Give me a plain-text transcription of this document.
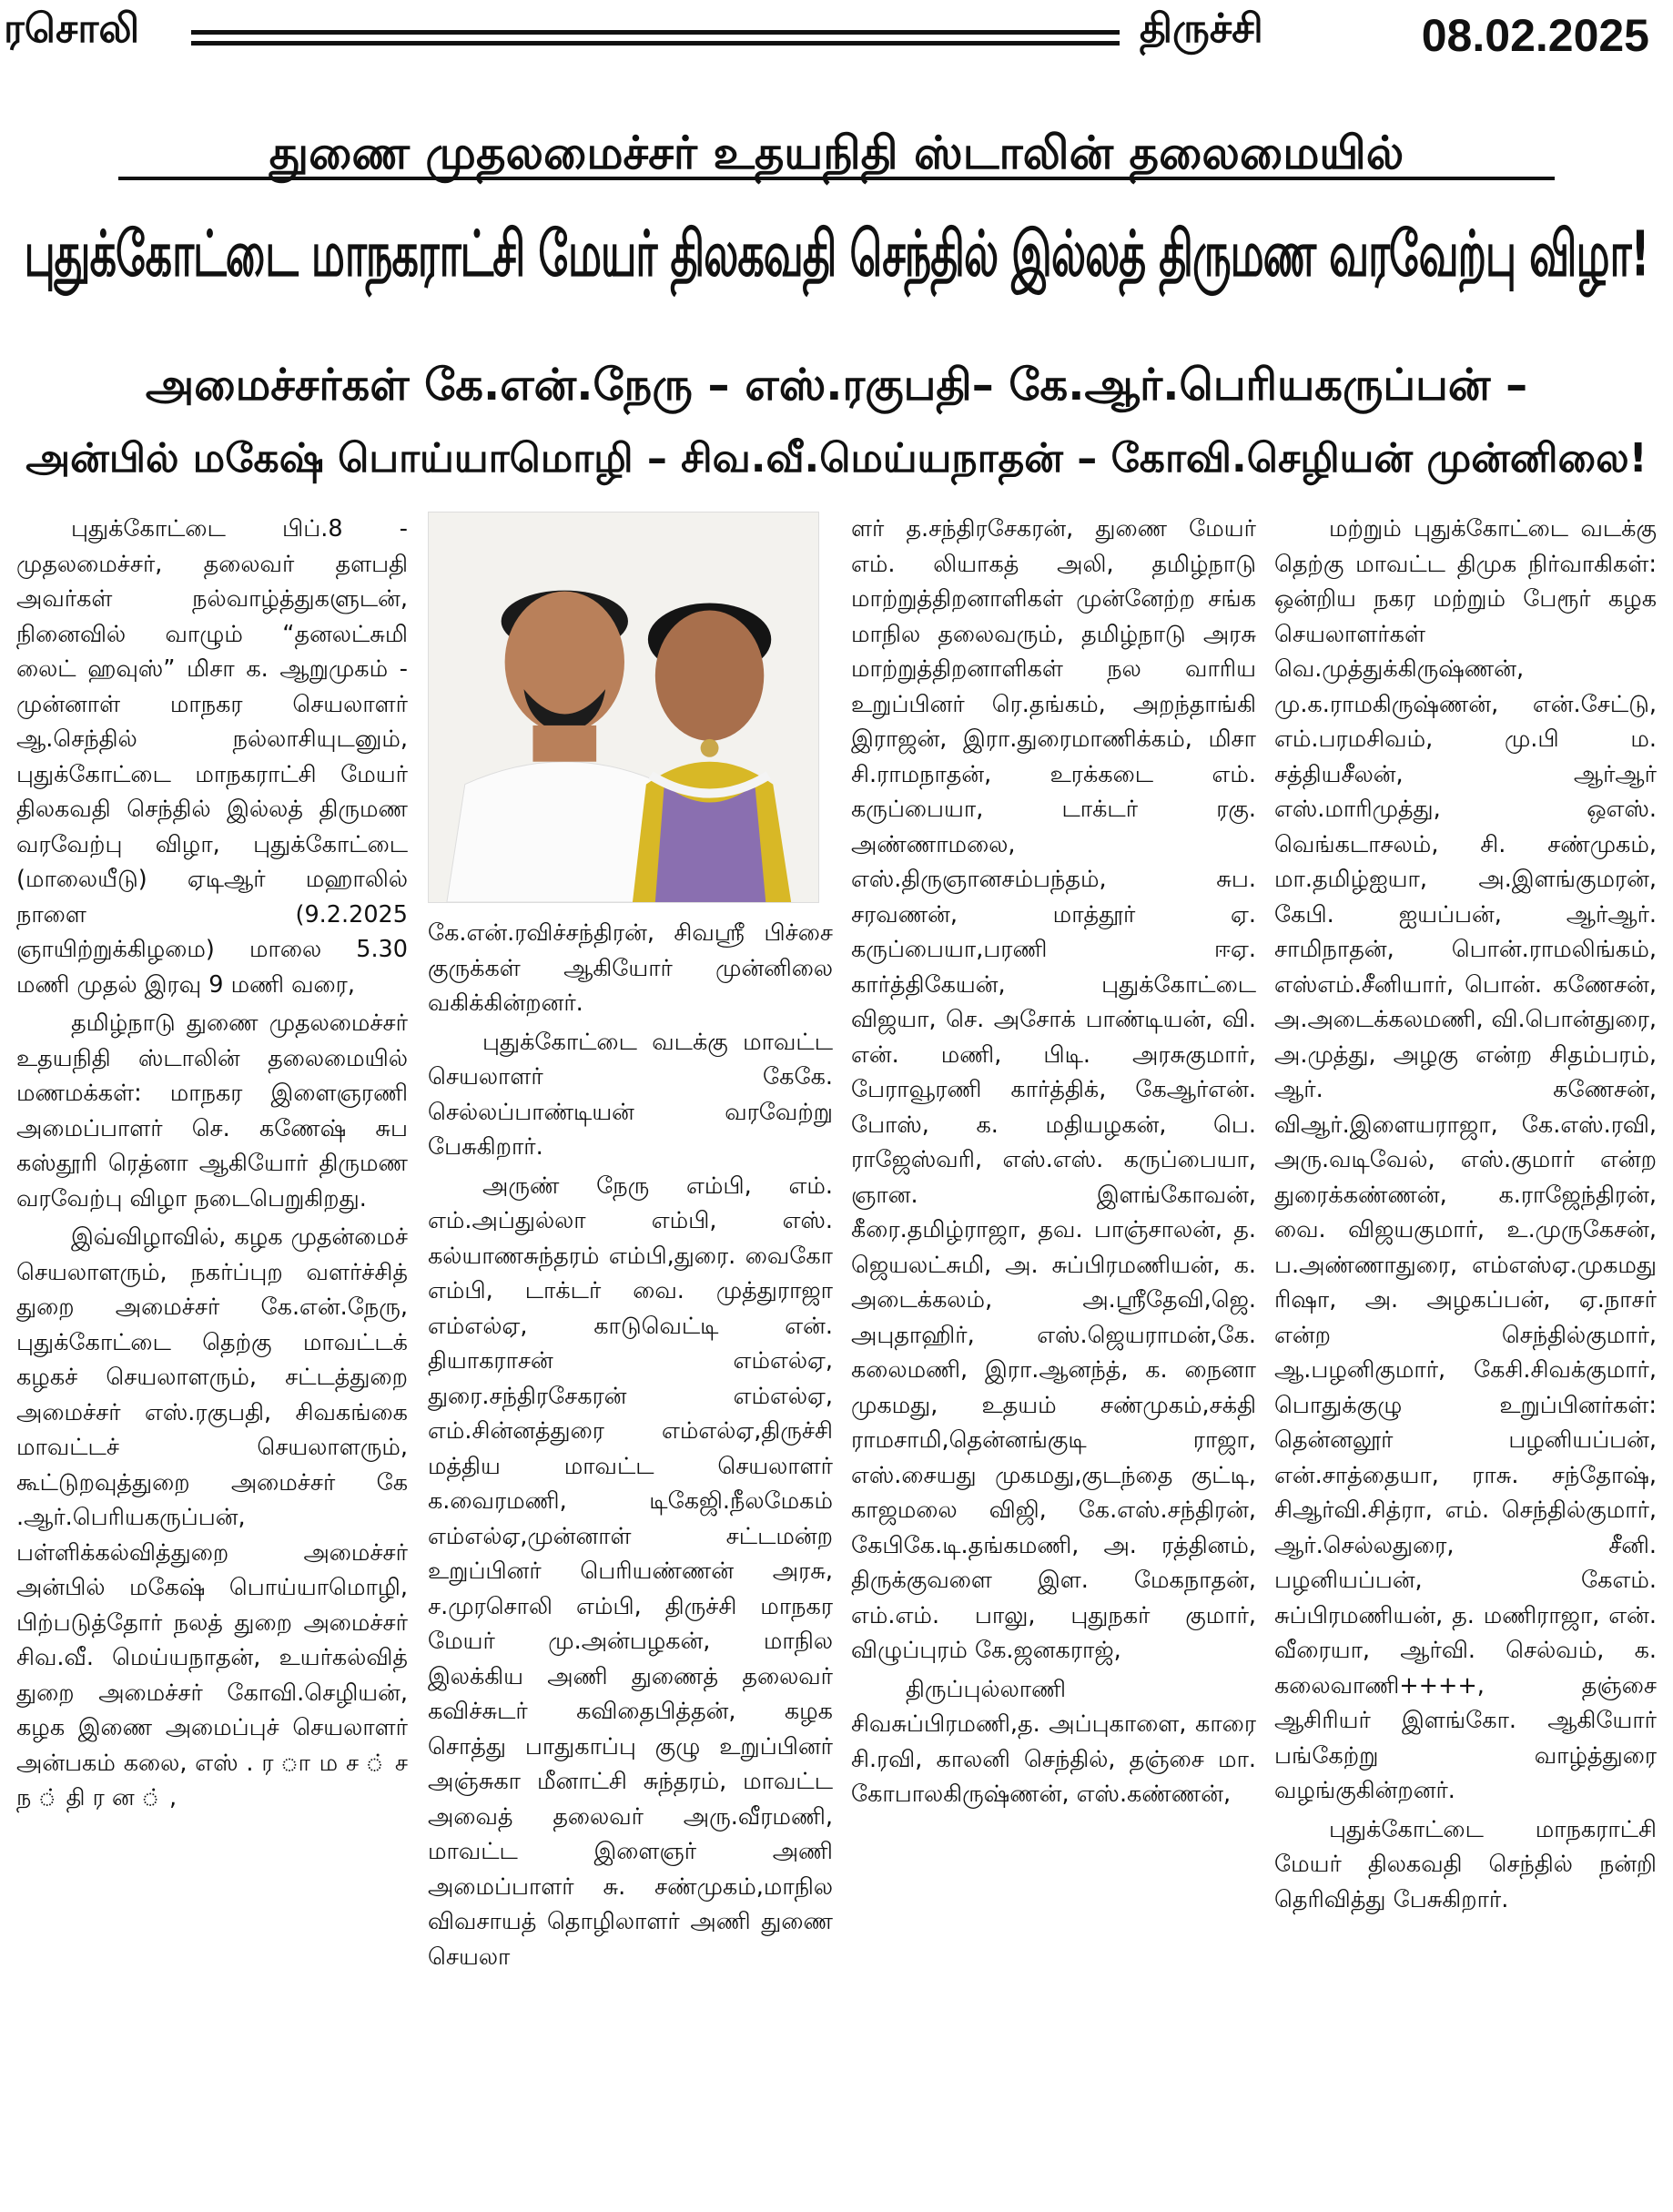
ரசொலி	திருச்சி	08.02.2025
துணை முதலமைச்சர் உதயநிதி ஸ்டாலின் தலைமையில்
புதுக்கோட்டை மாநகராட்சி மேயர் திலகவதி செந்தில் இல்லத் திருமண வரவேற்பு விழா!
அமைச்சர்கள் கே.என்.நேரு – எஸ்.ரகுபதி– கே.ஆர்.பெரியகருப்பன் –
அன்பில் மகேஷ் பொய்யாமொழி – சிவ.வீ.மெய்யநாதன் – கோவி.செழியன் முன்னிலை!

புதுக்கோட்டை பிப்.8 - முதலமைச்சர், தலைவர் தளபதி அவர்கள் நல்வாழ்த்துகளுடன், நினைவில் வாழும் “தனலட்சுமி லைட் ஹவுஸ்” மிசா க. ஆறுமுகம் - முன்னாள் மாநகர செயலாளர் ஆ.செந்தில் நல்லாசியுடனும், புதுக்கோட்டை மாநகராட்சி மேயர் திலகவதி செந்தில் இல்லத் திருமண வரவேற்பு விழா, புதுக்கோட்டை (மாலையீடு) ஏடிஆர் மஹாலில் நாளை (9.2.2025 ஞாயிற்றுக்கிழமை) மாலை 5.30 மணி முதல் இரவு 9 மணி வரை,

தமிழ்நாடு துணை முதலமைச்சர் உதயநிதி ஸ்டாலின் தலைமையில் மணமக்கள்: மாநகர இளைஞரணி அமைப்பாளர் செ. கணேஷ் சுப கஸ்தூரி ரெத்னா ஆகியோர் திருமண வரவேற்பு விழா நடைபெறுகிறது.

இவ்விழாவில், கழக முதன்மைச் செயலாளரும், நகர்ப்புற வளர்ச்சித் துறை அமைச்சர் கே.என்.நேரு, புதுக்கோட்டை தெற்கு மாவட்டக் கழகச் செயலாளரும், சட்டத்துறை அமைச்சர் எஸ்.ரகுபதி, சிவகங்கை மாவட்டச் செயலாளரும், கூட்டுறவுத்துறை அமைச்சர் கே .ஆர்.பெரியகருப்பன், பள்ளிக்கல்வித்துறை அமைச்சர் அன்பில் மகேஷ் பொய்யாமொழி, பிற்படுத்தோர் நலத் துறை அமைச்சர் சிவ.வீ. மெய்யநாதன், உயர்கல்வித் துறை அமைச்சர் கோவி.செழியன், கழக இணை அமைப்புச் செயலாளர் அன்பகம் கலை, எஸ் . ர ா ம ச ் ச ந ் தி ர ன ் ,

கே.என்.ரவிச்சந்திரன், சிவஸ்ரீ பிச்சை குருக்கள் ஆகியோர் முன்னிலை வகிக்கின்றனர்.

புதுக்கோட்டை வடக்கு மாவட்ட செயலாளர் கேகே. செல்லப்பாண்டியன் வரவேற்று பேசுகிறார்.

அருண் நேரு எம்பி, எம். எம்.அப்துல்லா எம்பி, எஸ். கல்யாணசுந்தரம் எம்பி,துரை. வைகோ எம்பி, டாக்டர் வை. முத்துராஜா எம்எல்ஏ, காடுவெட்டி என். தியாகராசன் எம்எல்ஏ, துரை.சந்திரசேகரன் எம்எல்ஏ, எம்.சின்னத்துரை எம்எல்ஏ,திருச்சி மத்திய மாவட்ட செயலாளர் க.வைரமணி, டிகேஜி.நீலமேகம் எம்எல்ஏ,முன்னாள் சட்டமன்ற உறுப்பினர் பெரியண்ணன் அரசு, ச.முரசொலி எம்பி, திருச்சி மாநகர மேயர் மு.அன்பழகன், மாநில இலக்கிய அணி துணைத் தலைவர் கவிச்சுடர் கவிதைபித்தன், கழக சொத்து பாதுகாப்பு குழு உறுப்பினர் அஞ்சுகா மீனாட்சி சுந்தரம், மாவட்ட அவைத் தலைவர் அரு.வீரமணி, மாவட்ட இளைஞர் அணி அமைப்பாளர் சு. சண்முகம்,மாநில விவசாயத் தொழிலாளர் அணி துணை செயலா

ளர் த.சந்திரசேகரன், துணை மேயர் எம். லியாகத் அலி, தமிழ்நாடு மாற்றுத்திறனாளிகள் முன்னேற்ற சங்க மாநில தலைவரும், தமிழ்நாடு அரசு மாற்றுத்திறனாளிகள் நல வாரிய உறுப்பினர் ரெ.தங்கம், அறந்தாங்கி இராஜன், இரா.துரைமாணிக்கம், மிசா சி.ராமநாதன், உரக்கடை எம். கருப்பையா, டாக்டர் ரகு. அண்ணாமலை, எஸ்.திருஞானசம்பந்தம், சுப. சரவணன், மாத்தூர் ஏ. கருப்பையா,பரணி ஈஏ. கார்த்திகேயன், புதுக்கோட்டை விஜயா, செ. அசோக் பாண்டியன், வி. என். மணி, பிடி. அரசுகுமார், பேராவூரணி கார்த்திக், கேஆர்என். போஸ், க. மதியழகன், பெ. ராஜேஸ்வரி, எஸ்.எஸ். கருப்பையா, ஞான. இளங்கோவன், கீரை.தமிழ்ராஜா, தவ. பாஞ்சாலன், த. ஜெயலட்சுமி, அ. சுப்பிரமணியன், க. அடைக்கலம், அ.ஸ்ரீதேவி,ஜெ. அபுதாஹிர், எஸ்.ஜெயராமன்,கே. கலைமணி, இரா.ஆனந்த், க. நைனா முகமது, உதயம் சண்முகம்,சக்தி ராமசாமி,தென்னங்குடி ராஜா, எஸ்.சையது முகமது,குடந்தை குட்டி, காஜமலை விஜி, கே.எஸ்.சந்திரன், கேபிகே.டி.தங்கமணி, அ. ரத்தினம், திருக்குவளை இள. மேகநாதன், எம்.எம். பாலு, புதுநகர் குமார், விழுப்புரம் கே.ஜனகராஜ்,

திருப்புல்லாணி சிவசுப்பிரமணி,த. அப்புகாளை, காரை சி.ரவி, காலனி செந்தில், தஞ்சை மா. கோபாலகிருஷ்ணன், எஸ்.கண்ணன்,

மற்றும் புதுக்கோட்டை வடக்கு தெற்கு மாவட்ட திமுக நிர்வாகிகள்: ஒன்றிய நகர மற்றும் பேரூர் கழக செயலாளர்கள் வெ.முத்துக்கிருஷ்ணன், மு.க.ராமகிருஷ்ணன், என்.சேட்டு, எம்.பரமசிவம், மு.பி ம. சத்தியசீலன், ஆர்ஆர் எஸ்.மாரிமுத்து, ஒஎஸ். வெங்கடாசலம், சி. சண்முகம், மா.தமிழ்ஐயா, அ.இளங்குமரன், கேபி. ஐயப்பன், ஆர்ஆர். சாமிநாதன், பொன்.ராமலிங்கம், எஸ்எம்.சீனியார், பொன். கணேசன், அ.அடைக்கலமணி, வி.பொன்துரை, அ.முத்து, அழகு என்ற சிதம்பரம், ஆர். கணேசன், விஆர்.இளையராஜா, கே.எஸ்.ரவி, அரு.வடிவேல், எஸ்.குமார் என்ற துரைக்கண்ணன், க.ராஜேந்திரன், வை. விஜயகுமார், உ.முருகேசன், ப.அண்ணாதுரை, எம்எஸ்ஏ.முகமது ரிஷா, அ. அழகப்பன், ஏ.நாசர் என்ற செந்தில்குமார், ஆ.பழனிகுமார், கேசி.சிவக்குமார், பொதுக்குழு உறுப்பினர்கள்: தென்னலூர் பழனியப்பன், என்.சாத்தையா, ராசு. சந்தோஷ், சிஆர்வி.சித்ரா, எம். செந்தில்குமார், ஆர்.செல்லதுரை, சீனி. பழனியப்பன், கேஎம். சுப்பிரமணியன், த. மணிராஜா, என். வீரையா, ஆர்வி. செல்வம், க. கலைவாணி++++, தஞ்சை ஆசிரியர் இளங்கோ. ஆகியோர் பங்கேற்று வாழ்த்துரை வழங்குகின்றனர்.

புதுக்கோட்டை மாநகராட்சி மேயர் திலகவதி செந்தில் நன்றி தெரிவித்து பேசுகிறார்.
